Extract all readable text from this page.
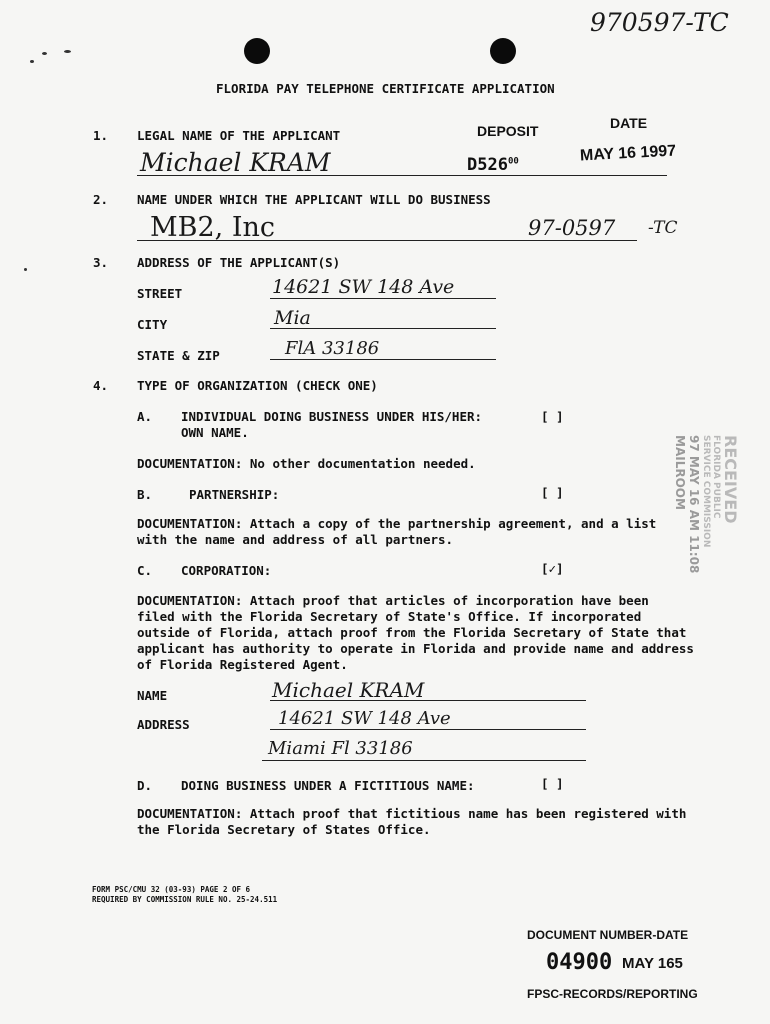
970597-TC
FLORIDA PAY TELEPHONE CERTIFICATE APPLICATION
1. LEGAL NAME OF THE APPLICANT	DEPOSIT	DATE
Michael KRAM	$D526^{00}$	MAY 16 1997
2. NAME UNDER WHICH THE APPLICANT WILL DO BUSINESS
MB2, Inc	97-0597 -TC
3. ADDRESS OF THE APPLICANT(S)
STREET	14621 SW 148 Ave
CITY	Mia
STATE & ZIP	FlA 33186
4. TYPE OF ORGANIZATION (CHECK ONE)
A. INDIVIDUAL DOING BUSINESS UNDER HIS/HER:
OWN NAME.
[ ]
DOCUMENTATION: No other documentation needed.
B.	PARTNERSHIP:	[ ]
DOCUMENTATION: Attach a copy of the partnership agreement, and a list
with the name and address of all partners.
C. CORPORATION:	[✓]
DOCUMENTATION: Attach proof that articles of incorporation have been
filed with the Florida Secretary of State's Office. If incorporated
outside of Florida, attach proof from the Florida Secretary of State that
applicant has authority to operate in Florida and provide name and address
of Florida Registered Agent.
NAME	Michael KRAM
ADDRESS	14621 SW 148 Ave
Miami Fl 33186
D. DOING BUSINESS UNDER A FICTITIOUS NAME:	[ ]
DOCUMENTATION: Attach proof that fictitious name has been registered with
the Florida Secretary of States Office.
RECEIVED
FLORIDA PUBLIC
SERVICE COMMISSION
97 MAY 16 AM 11:08
MAILROOM
FORM PSC/CMU 32 (03-93) PAGE 2 OF 6
REQUIRED BY COMMISSION RULE NO. 25-24.511
DOCUMENT NUMBER-DATE
04900 MAY 165
FPSC-RECORDS/REPORTING
